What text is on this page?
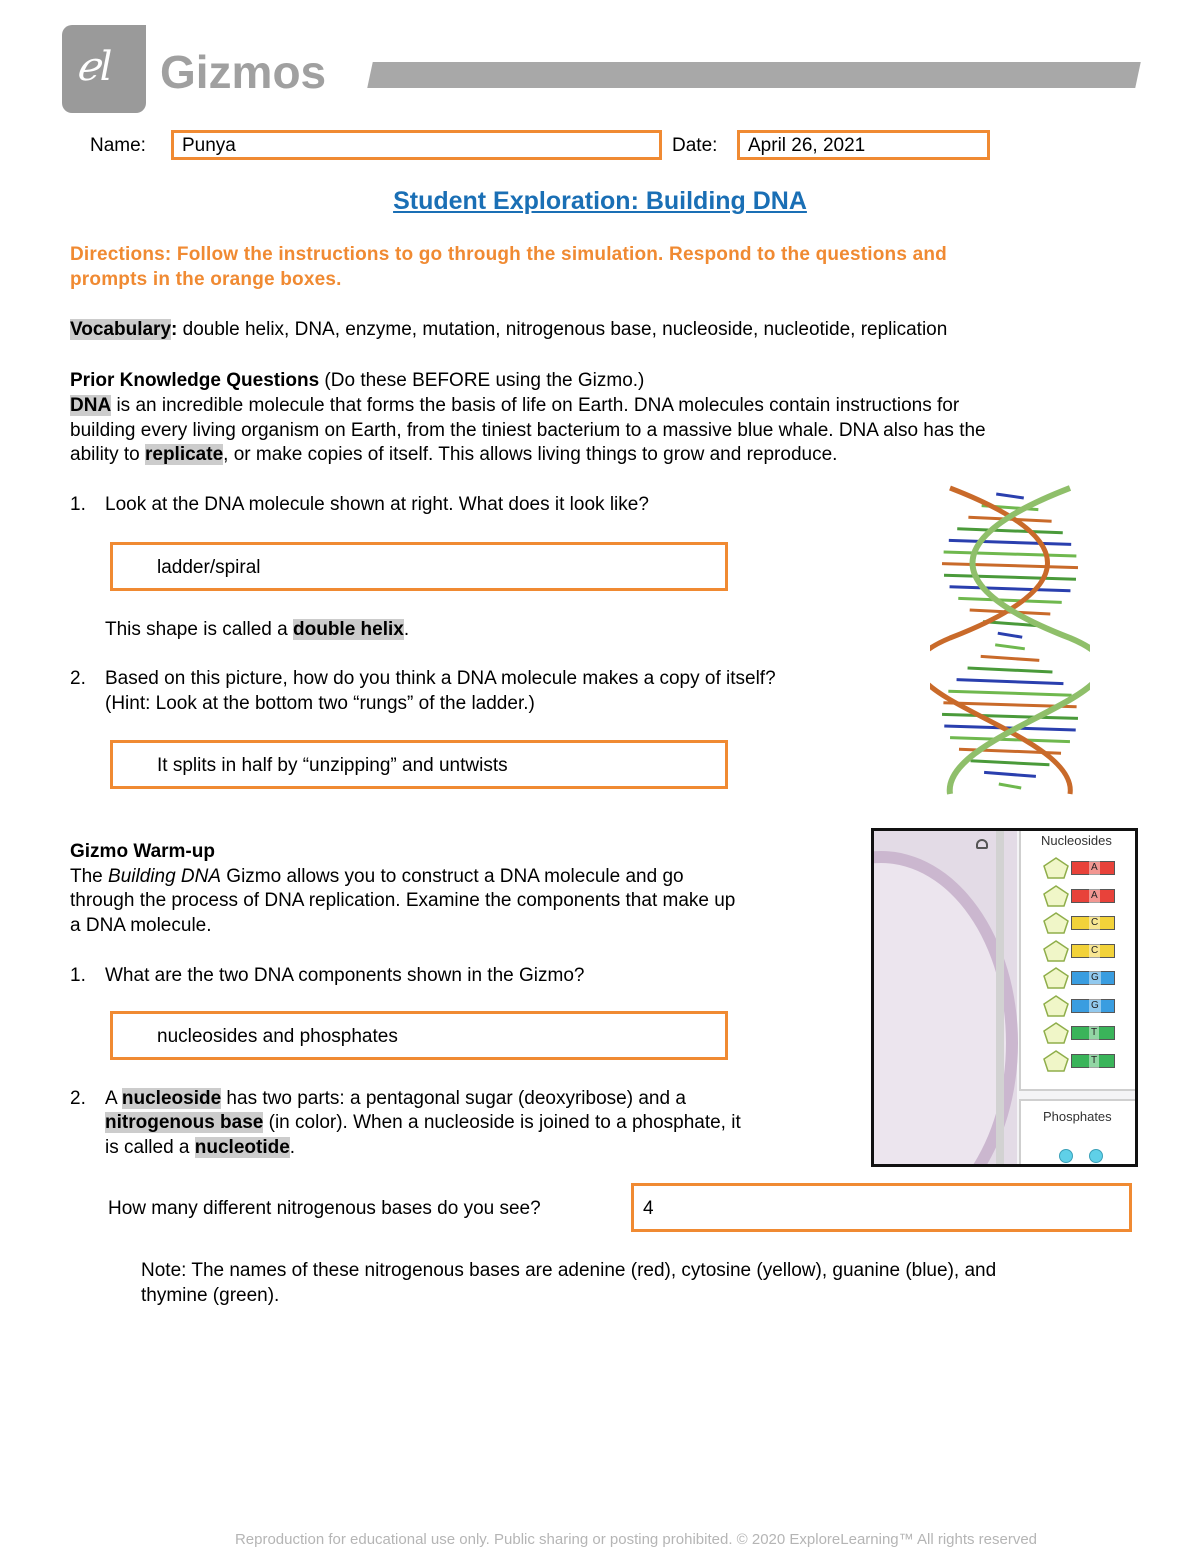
ℯl Gizmos
Name: Punya	Date: April 26, 2021
Student Exploration: Building DNA
Directions: Follow the instructions to go through the simulation. Respond to the questions and
prompts in the orange boxes.
Vocabulary: double helix, DNA, enzyme, mutation, nitrogenous base, nucleoside, nucleotide, replication
Prior Knowledge Questions (Do these BEFORE using the Gizmo.)
DNA is an incredible molecule that forms the basis of life on Earth. DNA molecules contain instructions for
building every living organism on Earth, from the tiniest bacterium to a massive blue whale. DNA also has the
ability to replicate, or make copies of itself. This allows living things to grow and reproduce.
1. Look at the DNA molecule shown at right. What does it look like?
ladder/spiral
This shape is called a double helix.
2. Based on this picture, how do you think a DNA molecule makes a copy of itself?
(Hint: Look at the bottom two “rungs” of the ladder.)
It splits in half by “unzipping” and untwists
Gizmo Warm-up
The Building DNA Gizmo allows you to construct a DNA molecule and go
through the process of DNA replication. Examine the components that make up
a DNA molecule.
1. What are the two DNA components shown in the Gizmo?
nucleosides and phosphates
2. A nucleoside has two parts: a pentagonal sugar (deoxyribose) and a
nitrogenous base (in color). When a nucleoside is joined to a phosphate, it
is called a nucleotide.
How many different nitrogenous bases do you see?	4
Note: The names of these nitrogenous bases are adenine (red), cytosine (yellow), guanine (blue), and
thymine (green).
Nucleosides
A
A
C
C
G
G
T
T
Phosphates
Reproduction for educational use only. Public sharing or posting prohibited. © 2020 ExploreLearning™ All rights reserved
